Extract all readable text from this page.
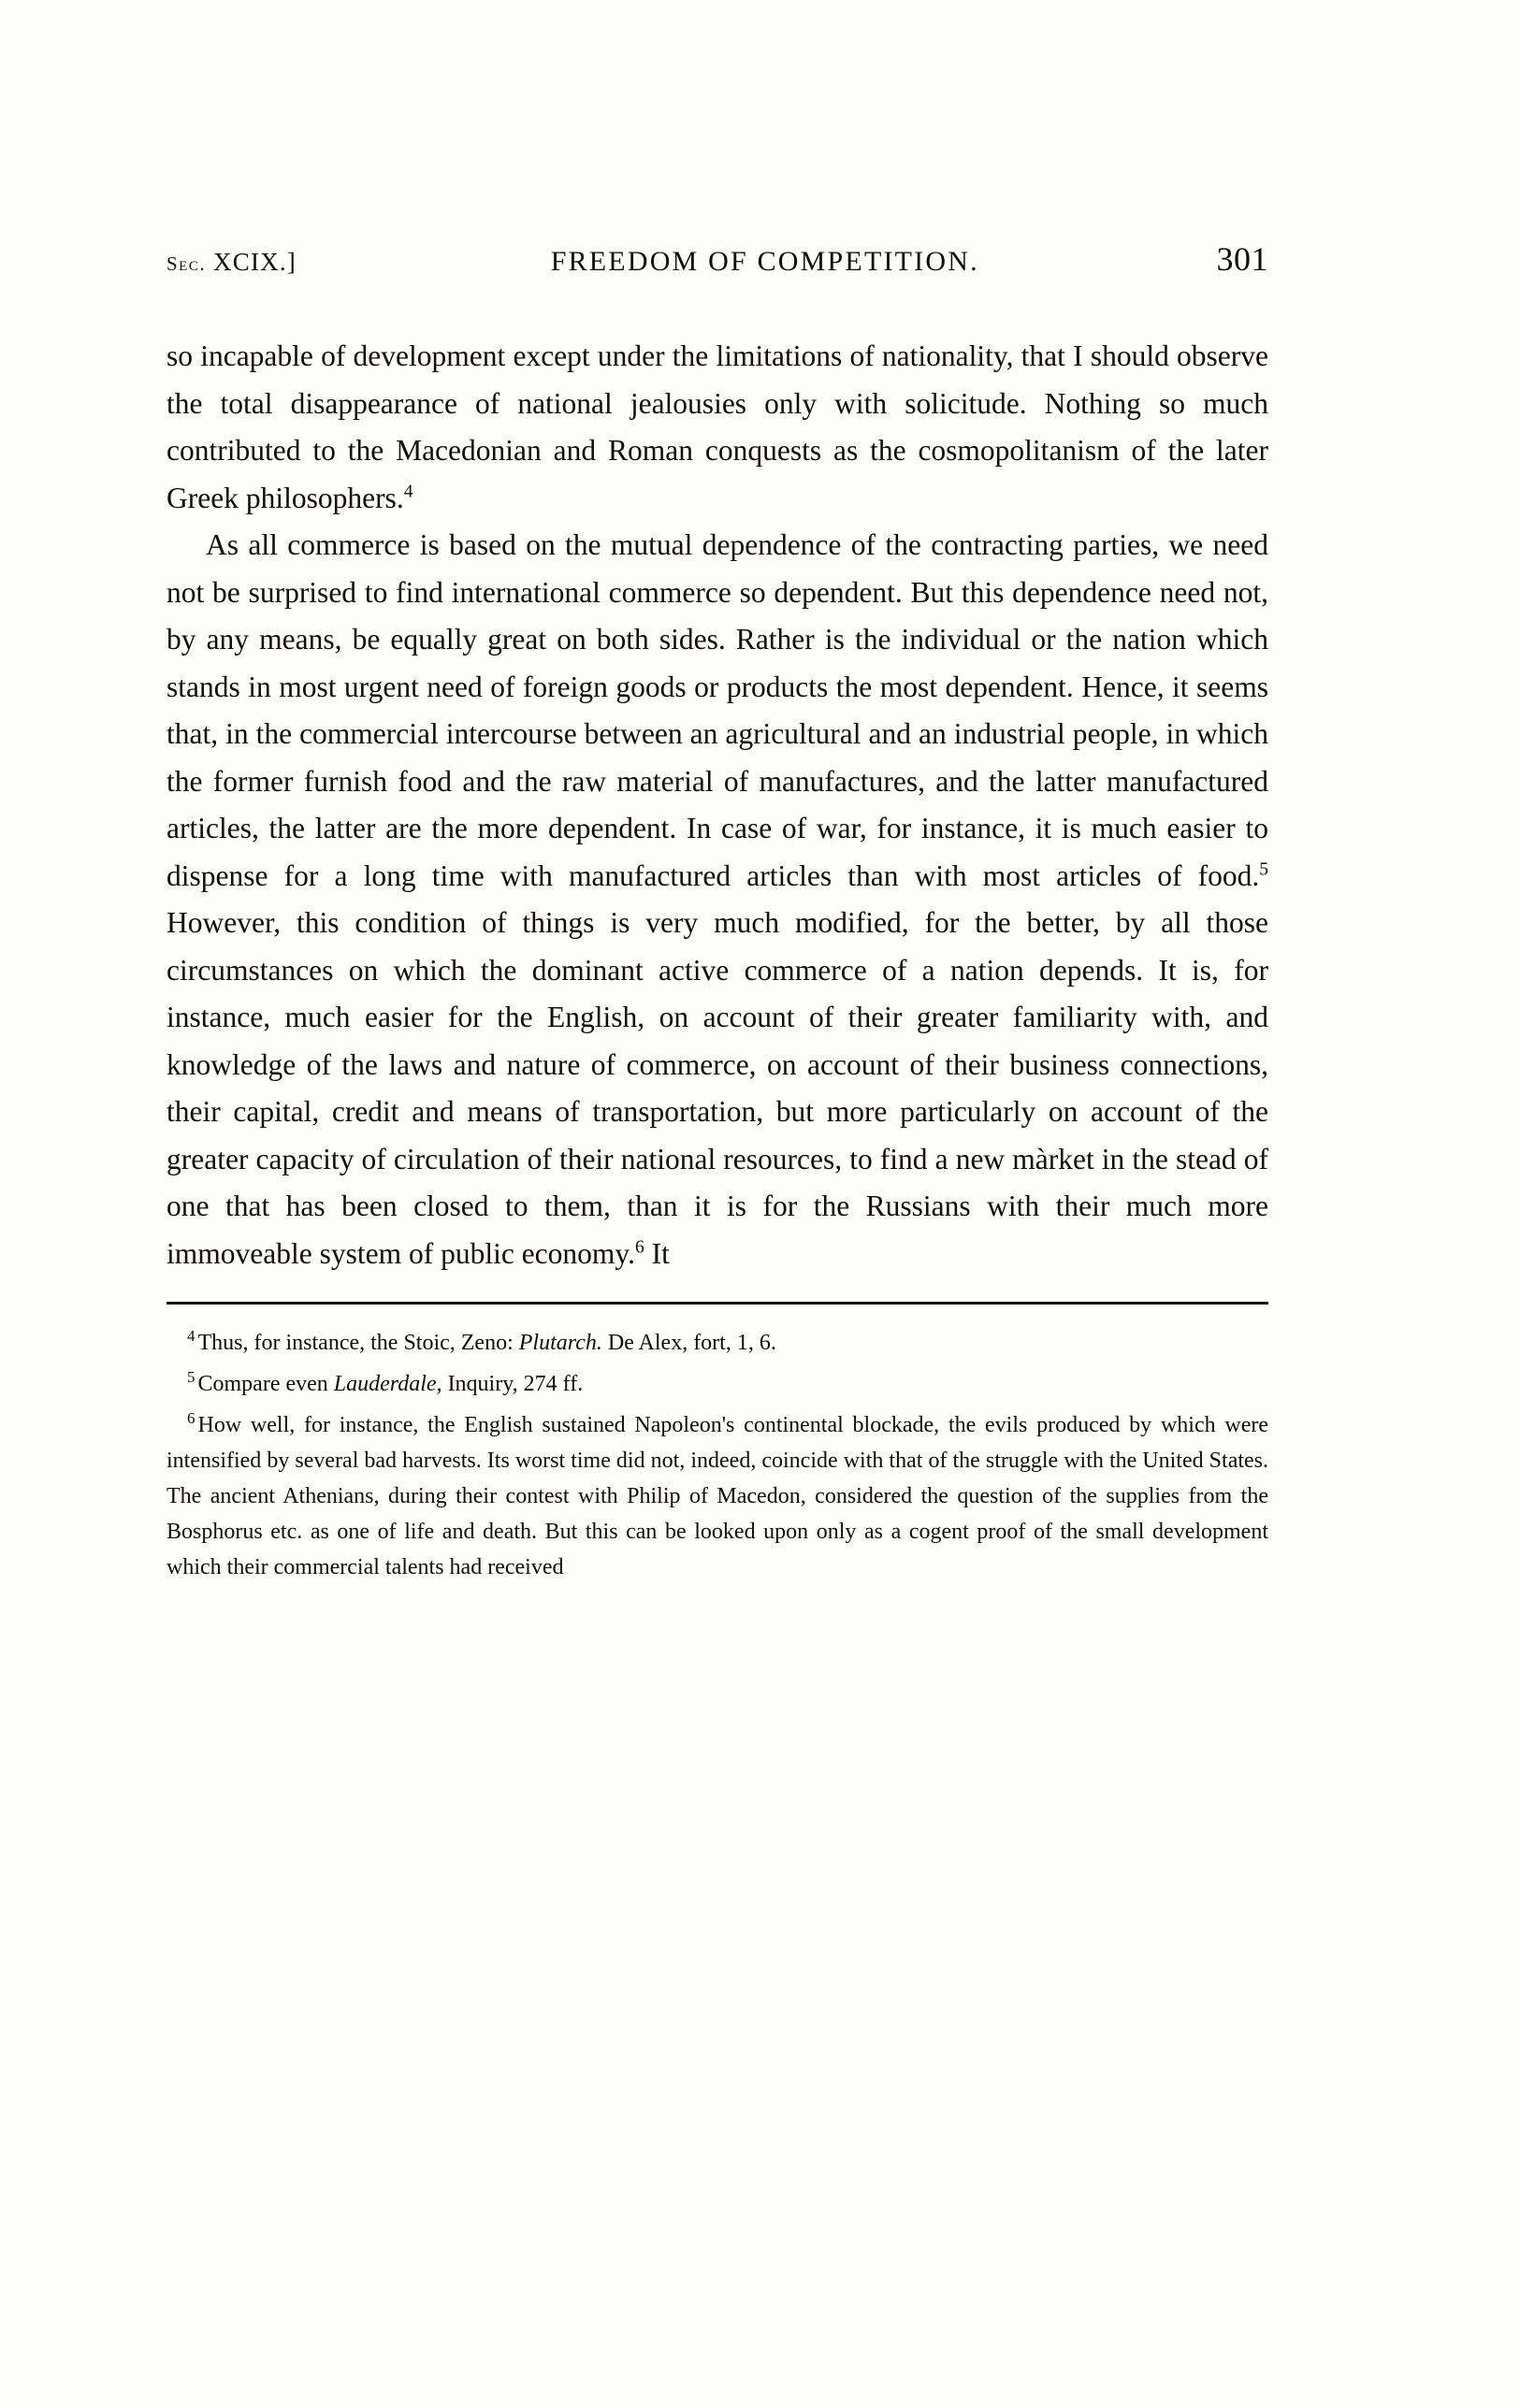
Sec. XCIX.]	FREEDOM OF COMPETITION.	301

so incapable of development except under the limitations of nationality, that I should observe the total disappearance of national jealousies only with solicitude. Nothing so much contributed to the Macedonian and Roman conquests as the cosmopolitanism of the later Greek philosophers.$^4$

As all commerce is based on the mutual dependence of the contracting parties, we need not be surprised to find international commerce so dependent. But this dependence need not, by any means, be equally great on both sides. Rather is the individual or the nation which stands in most urgent need of foreign goods or products the most dependent. Hence, it seems that, in the commercial intercourse between an agricultural and an industrial people, in which the former furnish food and the raw material of manufactures, and the latter manufactured articles, the latter are the more dependent. In case of war, for instance, it is much easier to dispense for a long time with manufactured articles than with most articles of food.$^5$ However, this condition of things is very much modified, for the better, by all those circumstances on which the dominant active commerce of a nation depends. It is, for instance, much easier for the English, on account of their greater familiarity with, and knowledge of the laws and nature of commerce, on account of their business connections, their capital, credit and means of transportation, but more particularly on account of the greater capacity of circulation of their national resources, to find a new màrket in the stead of one that has been closed to them, than it is for the Russians with their much more immoveable system of public economy.$^6$ It

$^4$ Thus, for instance, the Stoic, Zeno: Plutarch. De Alex, fort, 1, 6.

$^5$ Compare even Lauderdale, Inquiry, 274 ff.

$^6$ How well, for instance, the English sustained Napoleon's continental blockade, the evils produced by which were intensified by several bad harvests. Its worst time did not, indeed, coincide with that of the struggle with the United States. The ancient Athenians, during their contest with Philip of Macedon, considered the question of the supplies from the Bosphorus etc. as one of life and death. But this can be looked upon only as a cogent proof of the small development which their commercial talents had received
